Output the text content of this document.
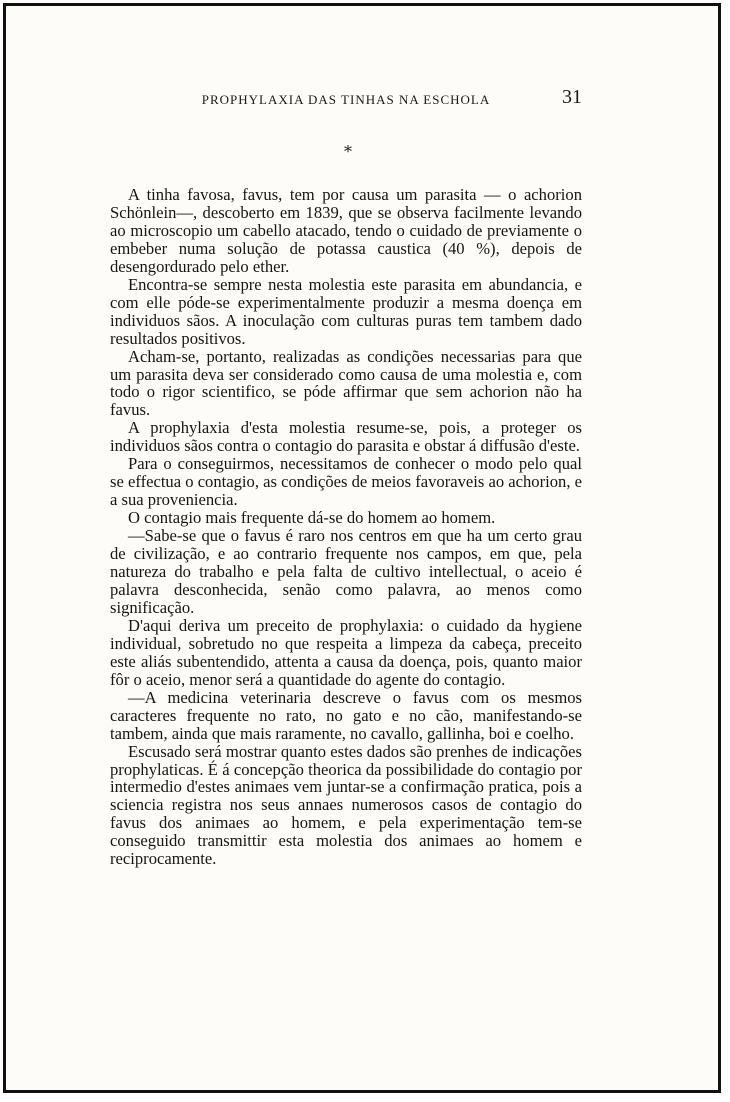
PROPHYLAXIA DAS TINHAS NA ESCHOLA	31
*

A tinha favosa, favus, tem por causa um parasita — o achorion Schönlein—, descoberto em 1839, que se observa facilmente levando ao microscopio um cabello atacado, tendo o cuidado de previamente o embeber numa solução de potassa caustica (40 %), depois de desengordurado pelo ether.

Encontra-se sempre nesta molestia este parasita em abundancia, e com elle póde-se experimentalmente produzir a mesma doença em individuos sãos. A inoculação com culturas puras tem tambem dado resultados positivos.

Acham-se, portanto, realizadas as condições necessarias para que um parasita deva ser considerado como causa de uma molestia e, com todo o rigor scientifico, se póde affirmar que sem achorion não ha favus.

A prophylaxia d'esta molestia resume-se, pois, a proteger os individuos sãos contra o contagio do parasita e obstar á diffusão d'este.

Para o conseguirmos, necessitamos de conhecer o modo pelo qual se effectua o contagio, as condições de meios favoraveis ao achorion, e a sua proveniencia.

O contagio mais frequente dá-se do homem ao homem.

—Sabe-se que o favus é raro nos centros em que ha um certo grau de civilização, e ao contrario frequente nos campos, em que, pela natureza do trabalho e pela falta de cultivo intellectual, o aceio é palavra desconhecida, senão como palavra, ao menos como significação.

D'aqui deriva um preceito de prophylaxia: o cuidado da hygiene individual, sobretudo no que respeita a limpeza da cabeça, preceito este aliás subentendido, attenta a causa da doença, pois, quanto maior fôr o aceio, menor será a quantidade do agente do contagio.

—A medicina veterinaria descreve o favus com os mesmos caracteres frequente no rato, no gato e no cão, manifestando-se tambem, ainda que mais raramente, no cavallo, gallinha, boi e coelho.

Escusado será mostrar quanto estes dados são prenhes de indicações prophylaticas. É á concepção theorica da possibilidade do contagio por intermedio d'estes animaes vem juntar-se a confirmação pratica, pois a sciencia registra nos seus annaes numerosos casos de contagio do favus dos animaes ao homem, e pela experimentação tem-se conseguido transmittir esta molestia dos animaes ao homem e reciprocamente.
